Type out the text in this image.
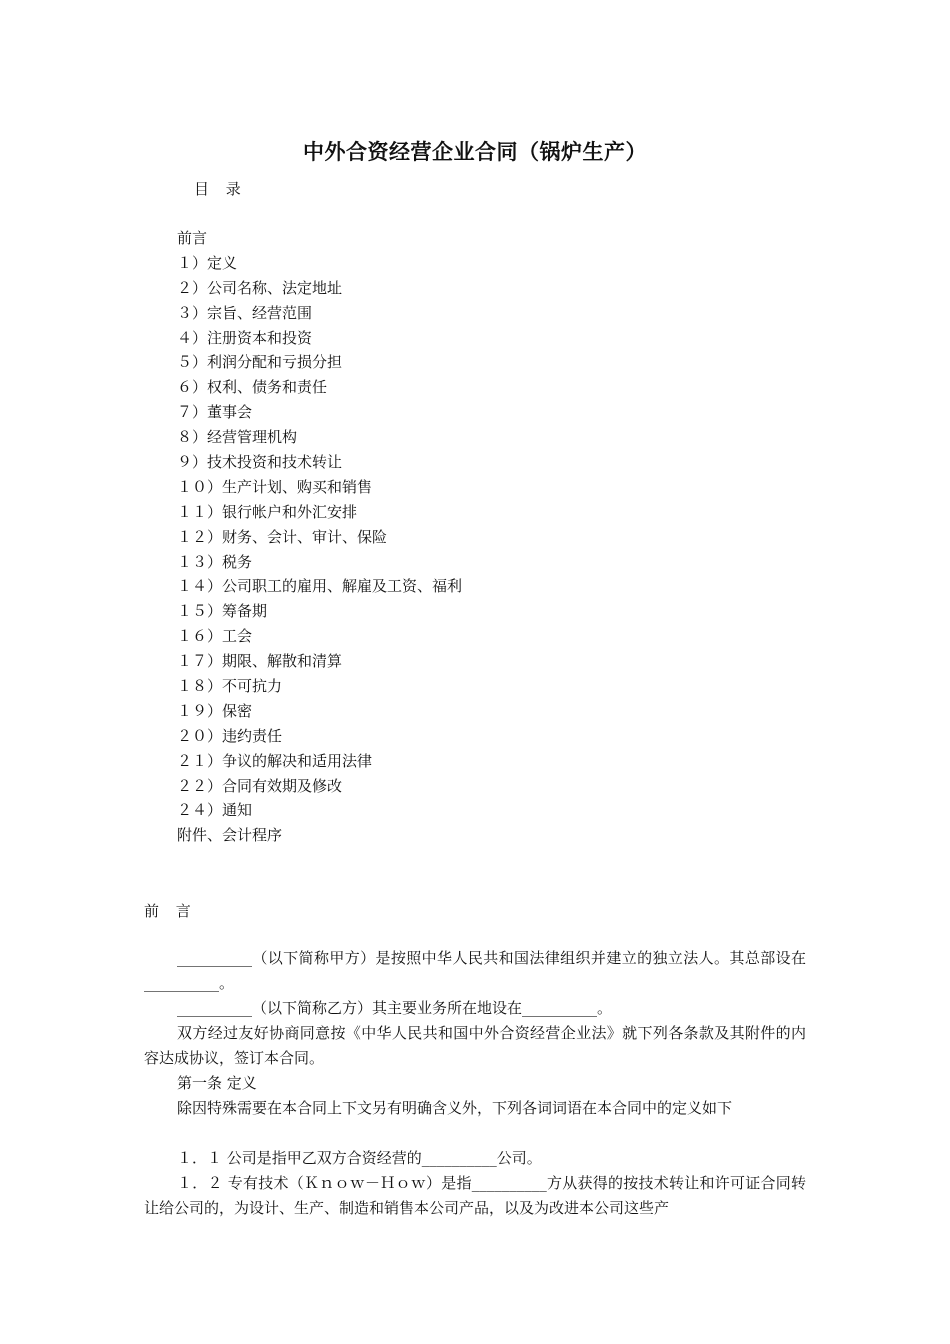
中外合资经营企业合同（锅炉生产）
目 录
前言
１）定义
２）公司名称、法定地址
３）宗旨、经营范围
４）注册资本和投资
５）利润分配和亏损分担
６）权利、债务和责任
７）董事会
８）经营管理机构
９）技术投资和技术转让
１０）生产计划、购买和销售
１１）银行帐户和外汇安排
１２）财务、会计、审计、保险
１３）税务
１４）公司职工的雇用、解雇及工资、福利
１５）筹备期
１６）工会
１７）期限、解散和清算
１８）不可抗力
１９）保密
２０）违约责任
２１）争议的解决和适用法律
２２）合同有效期及修改
２４）通知
附件、会计程序
前 言

__________（以下简称甲方）是按照中华人民共和国法律组织并建立的独立法人。其总部设在__________。

__________（以下简称乙方）其主要业务所在地设在__________。

双方经过友好协商同意按《中华人民共和国中外合资经营企业法》就下列各条款及其附件的内容达成协议，签订本合同。

第一条 定义

除因特殊需要在本合同上下文另有明确含义外，下列各词词语在本合同中的定义如下

１．１ 公司是指甲乙双方合资经营的__________公司。

１．２ 专有技术（Ｋｎｏｗ－Ｈｏｗ）是指__________方从获得的按技术转让和许可证合同转让给公司的，为设计、生产、制造和销售本公司产品，以及为改进本公司这些产
